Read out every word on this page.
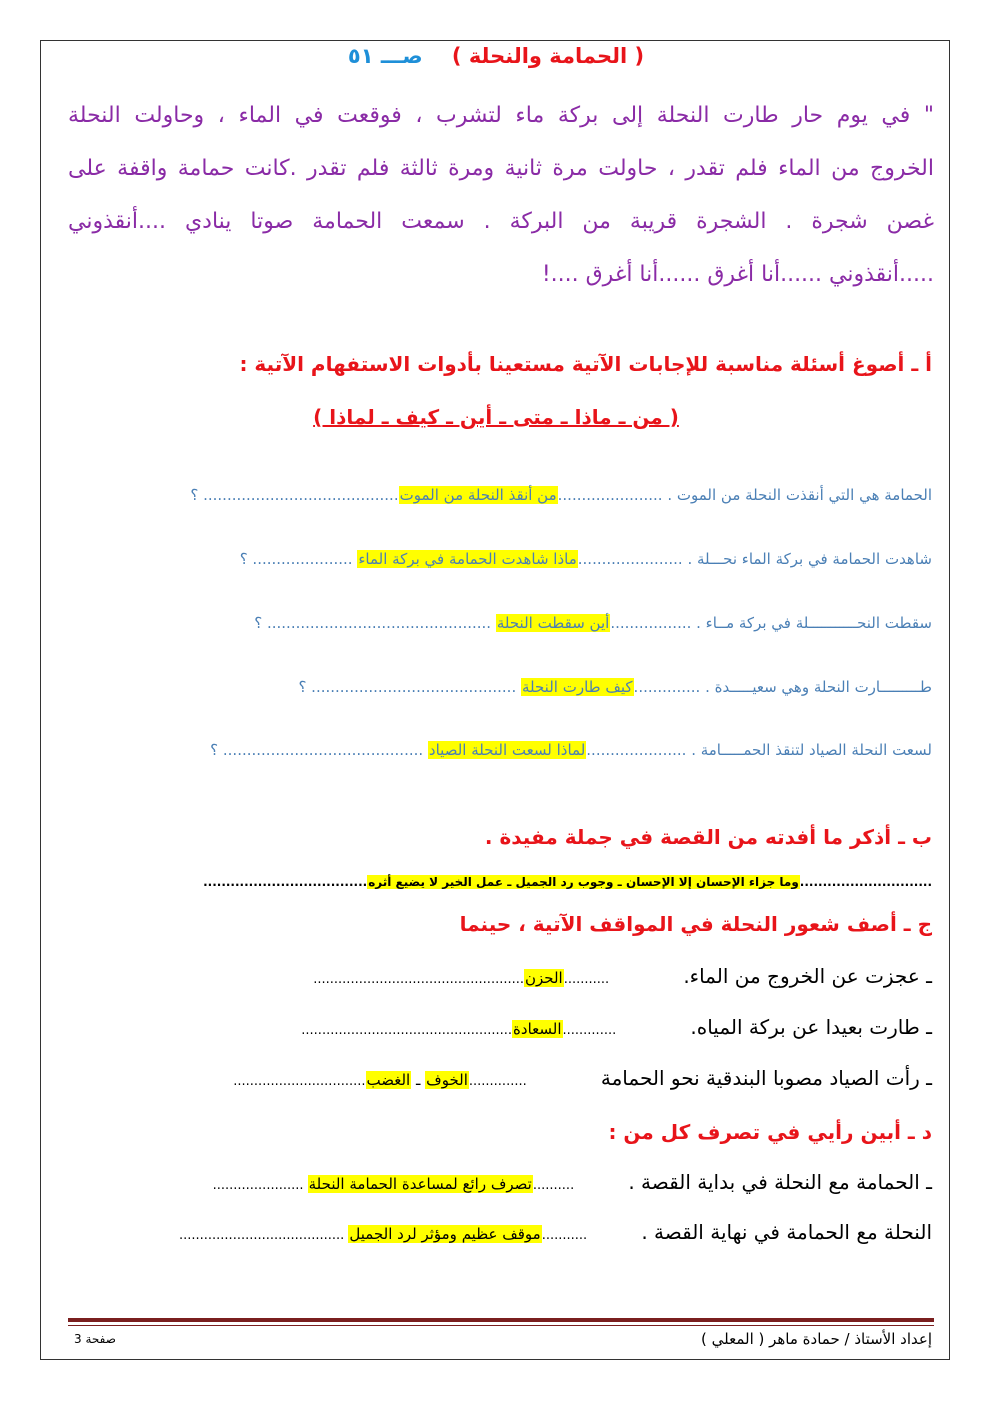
( الحمامة والنحلة )    صـــ ٥١
" في يوم حار طارت النحلة إلى بركة ماء لتشرب ، فوقعت في الماء ، وحاولت النحلة
الخروج من الماء فلم تقدر ، حاولت مرة ثانية ومرة ثالثة فلم تقدر .كانت حمامة واقفة على
غصن شجرة . الشجرة قريبة من البركة . سمعت الحمامة صوتا ينادي ....أنقذوني
.....أنقذوني ......أنا أغرق ......أنا أغرق ....!
أ ـ أصوغ أسئلة مناسبة للإجابات الآتية مستعينا بأدوات الاستفهام الآتية :
( من ـ ماذا ـ متى ـ أين ـ كيف ـ لماذا )
الحمامة هي التي أنقذت النحلة من الموت . ......................من أنقذ النحلة من الموت......................................... ؟
شاهدت الحمامة في بركة الماء نحـــلة . ......................ماذا شاهدت الحمامة في بركة الماء ..................... ؟
سقطت النحـــــــــــلة في بركة مــاء . .................أين سقطت النحلة ............................................... ؟
طـــــــــارت النحلة وهي سعيـــــدة . ..............كيف طارت النحلة ........................................... ؟
لسعت النحلة الصياد لتنقذ الحمـــــامة . .....................لماذا لسعت النحلة الصياد .......................................... ؟
ب ـ أذكر ما أفدته من القصة في جملة مفيدة .
.............................وما جزاء الإحسان إلا الإحسان ـ وجوب رد الجميل ـ عمل الخير لا يضيع أثره....................................
ج ـ أصف شعور النحلة في المواقف الآتية ، حينما
ـ عجزت عن الخروج من الماء. ...........الحزن...................................................
ـ طارت بعيدا عن بركة المياه. .............السعادة...................................................
ـ رأت الصياد مصوبا البندقية نحو الحمامة ..............الخوف ـ الغضب................................
د ـ أبين رأيي في تصرف كل من :
ـ الحمامة مع النحلة في بداية القصة . ..........تصرف رائع لمساعدة الحمامة النحلة ......................
النحلة مع الحمامة في نهاية القصة . ...........موقف عظيم ومؤثر لرد الجميل ........................................
إعداد الأستاذ / حمادة ماهر ( المعلي )
صفحة 3
